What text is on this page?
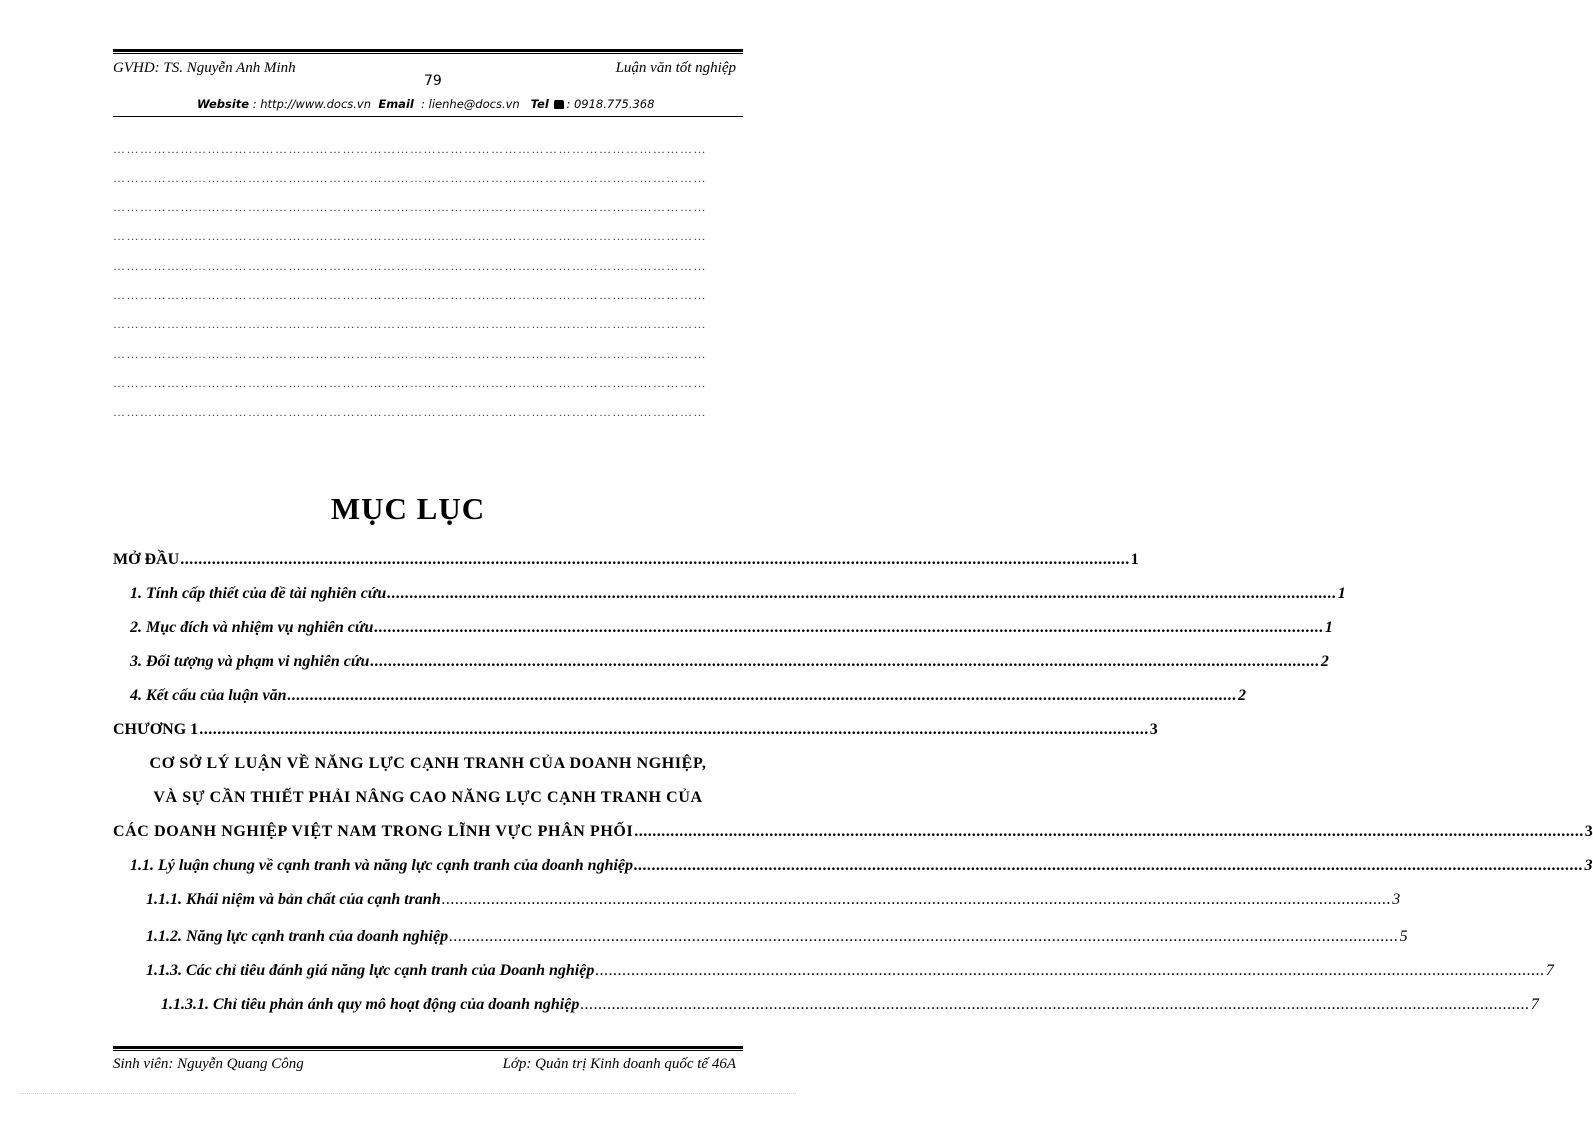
GVHD: TS. Nguyễn Anh Minh
79
Luận văn tốt nghiệp
Website : http://www.docs.vn Email : lienhe@docs.vn Tel : 0918.775.368
……………………………………………………………………………………………………………………
……………………………………………………………………………………………………………………
……………………………………………………………………………………………………………………
……………………………………………………………………………………………………………………
……………………………………………………………………………………………………………………
……………………………………………………………………………………………………………………
……………………………………………………………………………………………………………………
……………………………………………………………………………………………………………………
……………………………………………………………………………………………………………………
……………………………………………………………………………………………………………………
MỤC LỤC
MỞ ĐẦU ................................................................................................................................................................................................................... 1
1. Tính cấp thiết của đề tài nghiên cứu ................................................................................................................................................................................................................... 1
2. Mục đích và nhiệm vụ nghiên cứu ................................................................................................................................................................................................................... 1
3. Đối tượng và phạm vi nghiên cứu ................................................................................................................................................................................................................... 2
4. Kết cấu của luận văn ................................................................................................................................................................................................................... 2
CHƯƠNG 1 ................................................................................................................................................................................................................... 3
CƠ SỞ LÝ LUẬN VỀ NĂNG LỰC CẠNH TRANH CỦA DOANH NGHIỆP,
VÀ SỰ CẦN THIẾT PHẢI NÂNG CAO NĂNG LỰC CẠNH TRANH CỦA
CÁC DOANH NGHIỆP VIỆT NAM TRONG LĨNH VỰC PHÂN PHỐI ................................................................................................................................................................................................................... 3
1.1. Lý luận chung về cạnh tranh và năng lực cạnh tranh của doanh nghiệp ................................................................................................................................................................................................................... 3
1.1.1. Khái niệm và bản chất của cạnh tranh ................................................................................................................................................................................................................... 3
1.1.2. Năng lực cạnh tranh của doanh nghiệp ................................................................................................................................................................................................................... 5
1.1.3. Các chỉ tiêu đánh giá năng lực cạnh tranh của Doanh nghiệp ................................................................................................................................................................................................................... 7
1.1.3.1. Chỉ tiêu phản ánh quy mô hoạt động của doanh nghiệp ................................................................................................................................................................................................................... 7
Sinh viên: Nguyễn Quang Công	Lớp: Quản trị Kinh doanh quốc tế 46A
